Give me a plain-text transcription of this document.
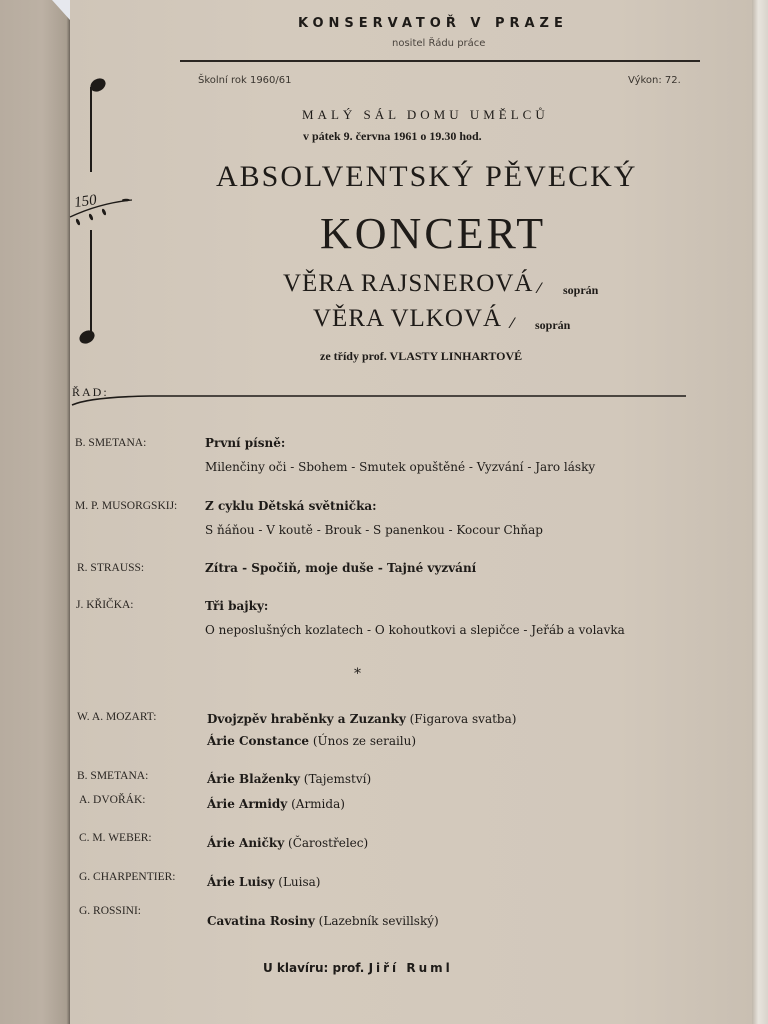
150
KONSERVATOŘ V PRAZE
nositel Řádu práce
Školní rok 1960/61	Výkon: 72.
MALÝ SÁL DOMU UMĚLCŮ
v pátek 9. června 1961 o 19.30 hod.
ABSOLVENTSKÝ PĚVECKÝ
KONCERT
VĚRA RAJSNEROVÁ ⁄ soprán
VĚRA VLKOVÁ ⁄ soprán
ze třídy prof. VLASTY LINHARTOVÉ
ŘAD:
B. SMETANA:	První písně:
Milenčiny oči - Sbohem - Smutek opuštěné - Vyzvání - Jaro lásky
M. P. MUSORGSKIJ: Z cyklu Dětská světnička:
S ňáňou - V koutě - Brouk - S panenkou - Kocour Chňap
R. STRAUSS:	Zítra - Spočiň, moje duše - Tajné vyzvání
J. KŘIČKA:	Tři bajky:
O neposlušných kozlatech - O kohoutkovi a slepičce - Jeřáb a volavka
*
W. A. MOZART:	Dvojzpěv hraběnky a Zuzanky (Figarova svatba)
Árie Constance (Únos ze serailu)
B. SMETANA:	Árie Blaženky (Tajemství)
A. DVOŘÁK:	Árie Armidy (Armida)
C. M. WEBER:	Árie Aničky (Čarostřelec)
G. CHARPENTIER:	Árie Luisy (Luisa)
G. ROSSINI:
Cavatina Rosiny (Lazebník sevillský)
U klavíru: prof. Jiří Ruml
